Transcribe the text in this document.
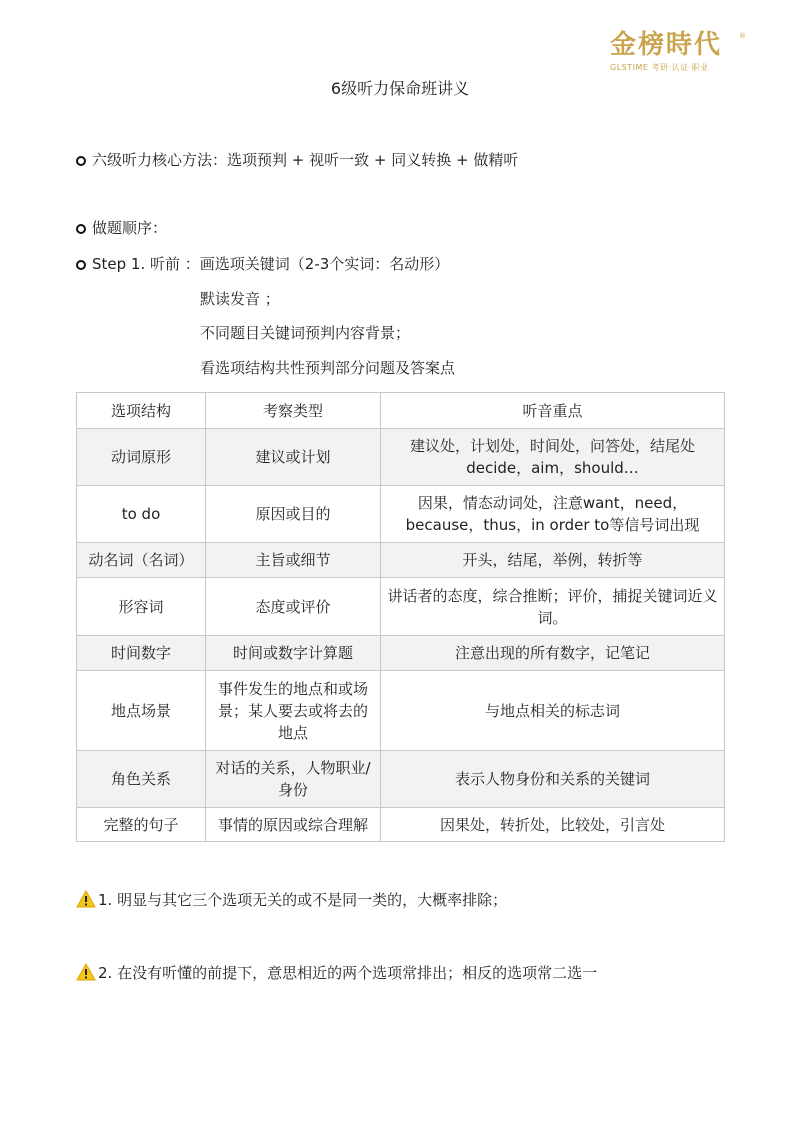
金榜時代
GLSTIME 考研·认证·职业
®
6级听力保命班讲义
六级听力核心方法：选项预判 + 视听一致 + 同义转换 + 做精听
做题顺序：
Step 1. 听前 ：画选项关键词（2-3个实词：名动形）
默读发音 ；
不同题目关键词预判内容背景；
看选项结构共性预判部分问题及答案点
选项结构	考察类型	听音重点
动词原形	建议或计划	建议处，计划处，时间处，问答处，结尾处 decide，aim，should…
to do	原因或目的	因果，情态动词处，注意want，need，because，thus，in order to等信号词出现
动名词（名词）	主旨或细节	开头，结尾，举例，转折等
形容词	态度或评价	讲话者的态度，综合推断；评价，捕捉关键词近义词。
时间数字	时间或数字计算题	注意出现的所有数字，记笔记
地点场景	事件发生的地点和或场景；某人要去或将去的地点	与地点相关的标志词
角色关系	对话的关系，人物职业/身份	表示人物身份和关系的关键词
完整的句子	事情的原因或综合理解	因果处，转折处，比较处，引言处
1. 明显与其它三个选项无关的或不是同一类的，大概率排除；
2. 在没有听懂的前提下，意思相近的两个选项常排出；相反的选项常二选一
